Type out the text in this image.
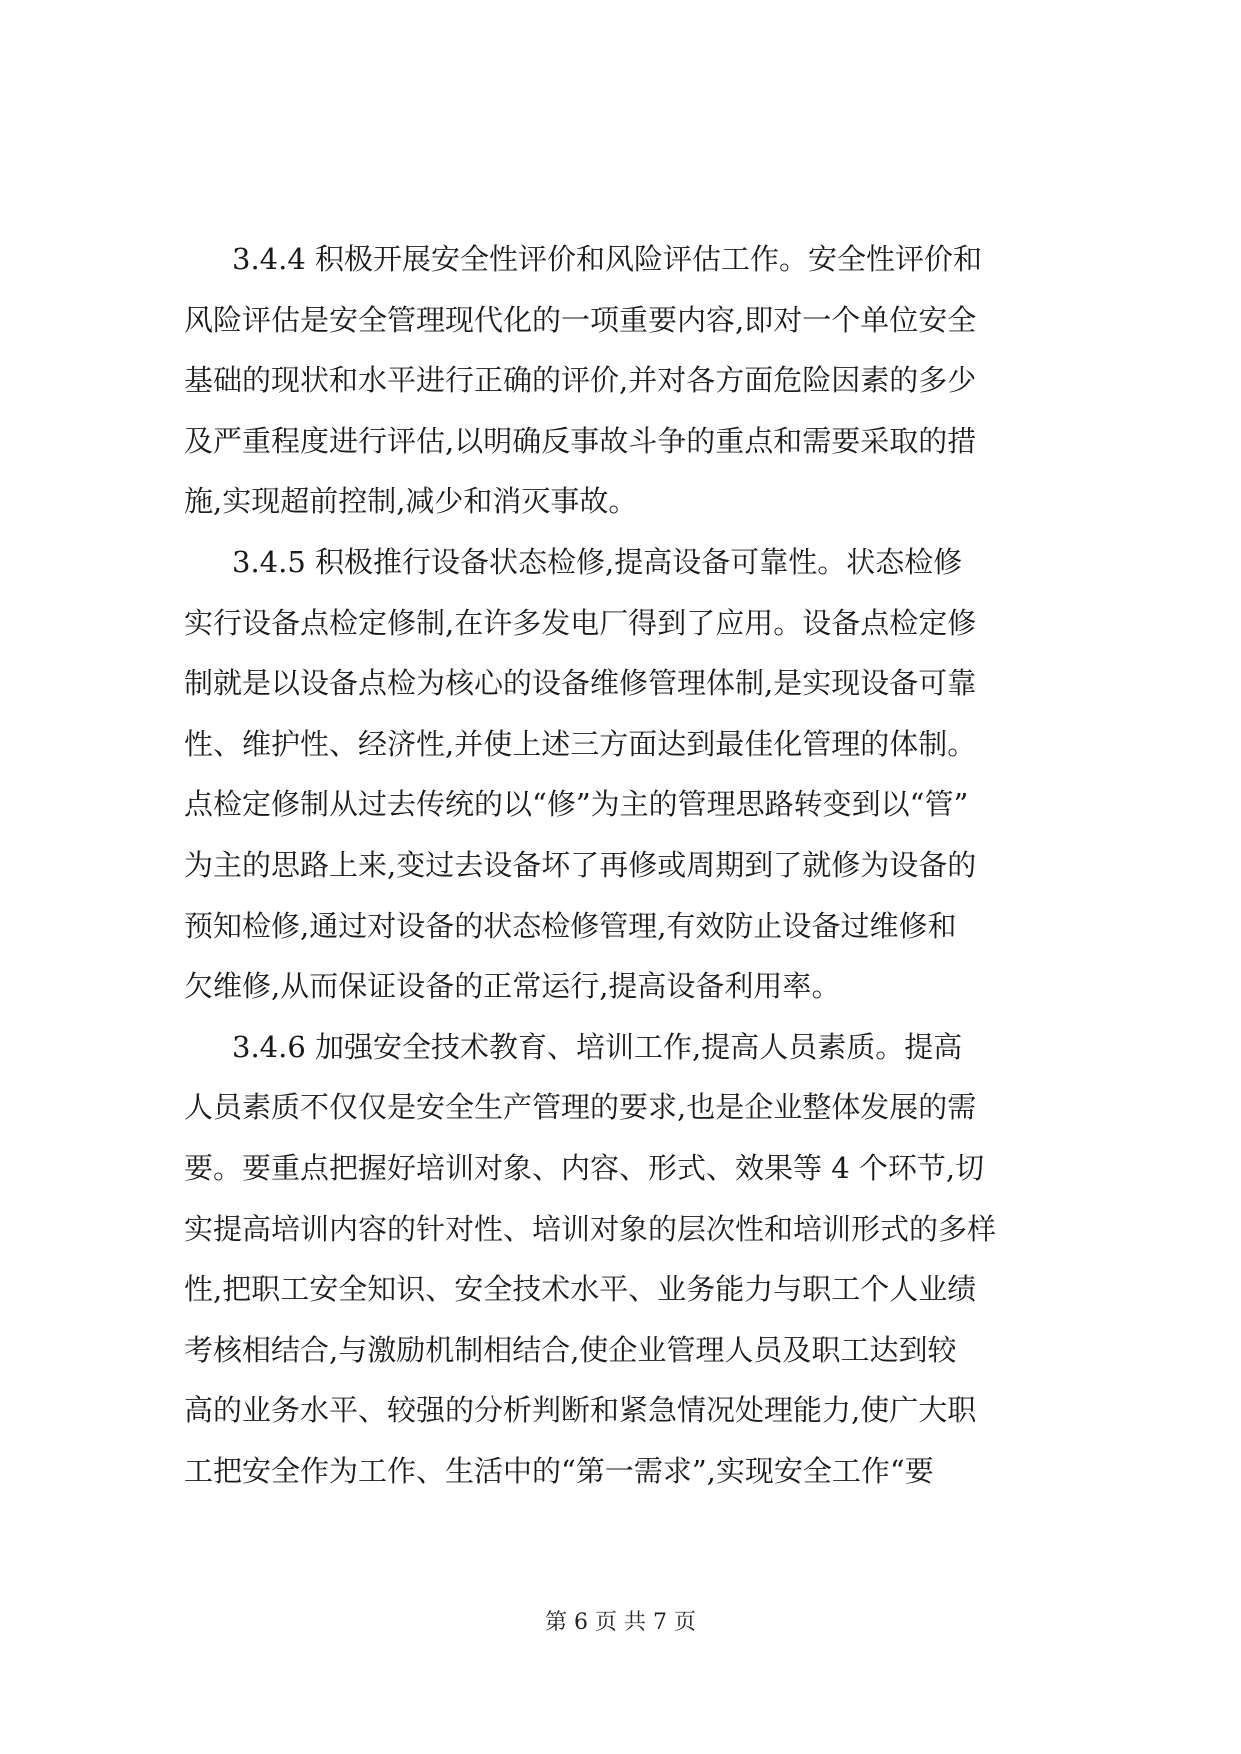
3.4.4 积极开展安全性评价和风险评估工作。安全性评价和
风险评估是安全管理现代化的一项重要内容,即对一个单位安全
基础的现状和水平进行正确的评价,并对各方面危险因素的多少
及严重程度进行评估,以明确反事故斗争的重点和需要采取的措
施,实现超前控制,减少和消灭事故。
3.4.5 积极推行设备状态检修,提高设备可靠性。状态检修
实行设备点检定修制,在许多发电厂得到了应用。设备点检定修
制就是以设备点检为核心的设备维修管理体制,是实现设备可靠
性、维护性、经济性,并使上述三方面达到最佳化管理的体制。
点检定修制从过去传统的以“修”为主的管理思路转变到以“管”
为主的思路上来,变过去设备坏了再修或周期到了就修为设备的
预知检修,通过对设备的状态检修管理,有效防止设备过维修和
欠维修,从而保证设备的正常运行,提高设备利用率。
3.4.6 加强安全技术教育、培训工作,提高人员素质。提高
人员素质不仅仅是安全生产管理的要求,也是企业整体发展的需
要。要重点把握好培训对象、内容、形式、效果等 4 个环节,切
实提高培训内容的针对性、培训对象的层次性和培训形式的多样
性,把职工安全知识、安全技术水平、业务能力与职工个人业绩
考核相结合,与激励机制相结合,使企业管理人员及职工达到较
高的业务水平、较强的分析判断和紧急情况处理能力,使广大职
工把安全作为工作、生活中的“第一需求”,实现安全工作“要
第 6 页 共 7 页
